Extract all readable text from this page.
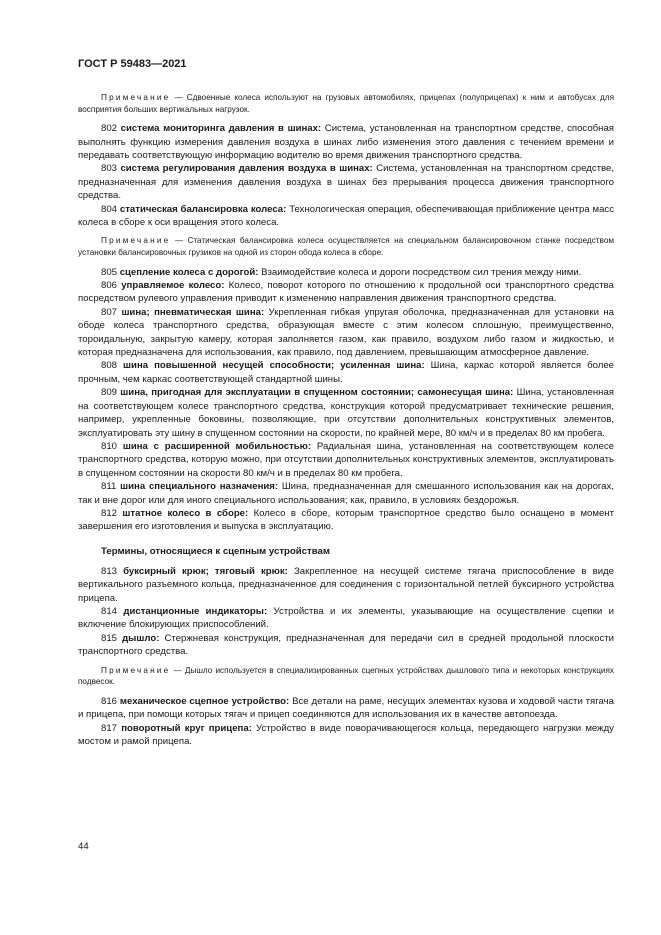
ГОСТ Р 59483—2021

Примечание — Сдвоенные колеса используют на грузовых автомобилях, прицепах (полуприцепах) к ним и автобусах для восприятия больших вертикальных нагрузок.

802 система мониторинга давления в шинах: Система, установленная на транспортном средстве, способная выполнять функцию измерения давления воздуха в шинах либо изменения этого давления с течением времени и передавать соответствующую информацию водителю во время движения транспортного средства.

803 система регулирования давления воздуха в шинах: Система, установленная на транспортном средстве, предназначенная для изменения давления воздуха в шинах без прерывания процесса движения транспортного средства.

804 статическая балансировка колеса: Технологическая операция, обеспечивающая приближение центра масс колеса в сборе к оси вращения этого колеса.

Примечание — Статическая балансировка колеса осуществляется на специальном балансировочном станке посредством установки балансировочных грузиков на одной из сторон обода колеса в сборе.

805 сцепление колеса с дорогой: Взаимодействие колеса и дороги посредством сил трения между ними.

806 управляемое колесо: Колесо, поворот которого по отношению к продольной оси транспортного средства посредством рулевого управления приводит к изменению направления движения транспортного средства.

807 шина; пневматическая шина: Укрепленная гибкая упругая оболочка, предназначенная для установки на ободе колеса транспортного средства, образующая вместе с этим колесом сплошную, преимущественно, тороидальную, закрытую камеру, которая заполняется газом, как правило, воздухом либо газом и жидкостью, и которая предназначена для использования, как правило, под давлением, превышающим атмосферное давление.

808 шина повышенной несущей способности; усиленная шина: Шина, каркас которой является более прочным, чем каркас соответствующей стандартной шины.

809 шина, пригодная для эксплуатации в спущенном состоянии; самонесущая шина: Шина, установленная на соответствующем колесе транспортного средства, конструкция которой предусматривает технические решения, например, укрепленные боковины, позволяющие, при отсутствии дополнительных конструктивных элементов, эксплуатировать эту шину в спущенном состоянии на скорости, по крайней мере, 80 км/ч и в пределах 80 км пробега.

810 шина с расширенной мобильностью: Радиальная шина, установленная на соответствующем колесе транспортного средства, которую можно, при отсутствии дополнительных конструктивных элементов, эксплуатировать в спущенном состоянии на скорости 80 км/ч и в пределах 80 км пробега.

811 шина специального назначения: Шина, предназначенная для смешанного использования как на дорогах, так и вне дорог или для иного специального использования; как, правило, в условиях бездорожья.

812 штатное колесо в сборе: Колесо в сборе, которым транспортное средство было оснащено в момент завершения его изготовления и выпуска в эксплуатацию.

Термины, относящиеся к сцепным устройствам

813 буксирный крюк; тяговый крюк: Закрепленное на несущей системе тягача приспособление в виде вертикального разъемного кольца, предназначенное для соединения с горизонтальной петлей буксирного устройства прицепа.

814 дистанционные индикаторы: Устройства и их элементы, указывающие на осуществление сцепки и включение блокирующих приспособлений.

815 дышло: Стержневая конструкция, предназначенная для передачи сил в средней продольной плоскости транспортного средства.

Примечание — Дышло используется в специализированных сцепных устройствах дышлового типа и некоторых конструкциях подвесок.

816 механическое сцепное устройство: Все детали на раме, несущих элементах кузова и ходовой части тягача и прицепа, при помощи которых тягач и прицеп соединяются для использования их в качестве автопоезда.

817 поворотный круг прицепа: Устройство в виде поворачивающегося кольца, передающего нагрузки между мостом и рамой прицепа.

44
